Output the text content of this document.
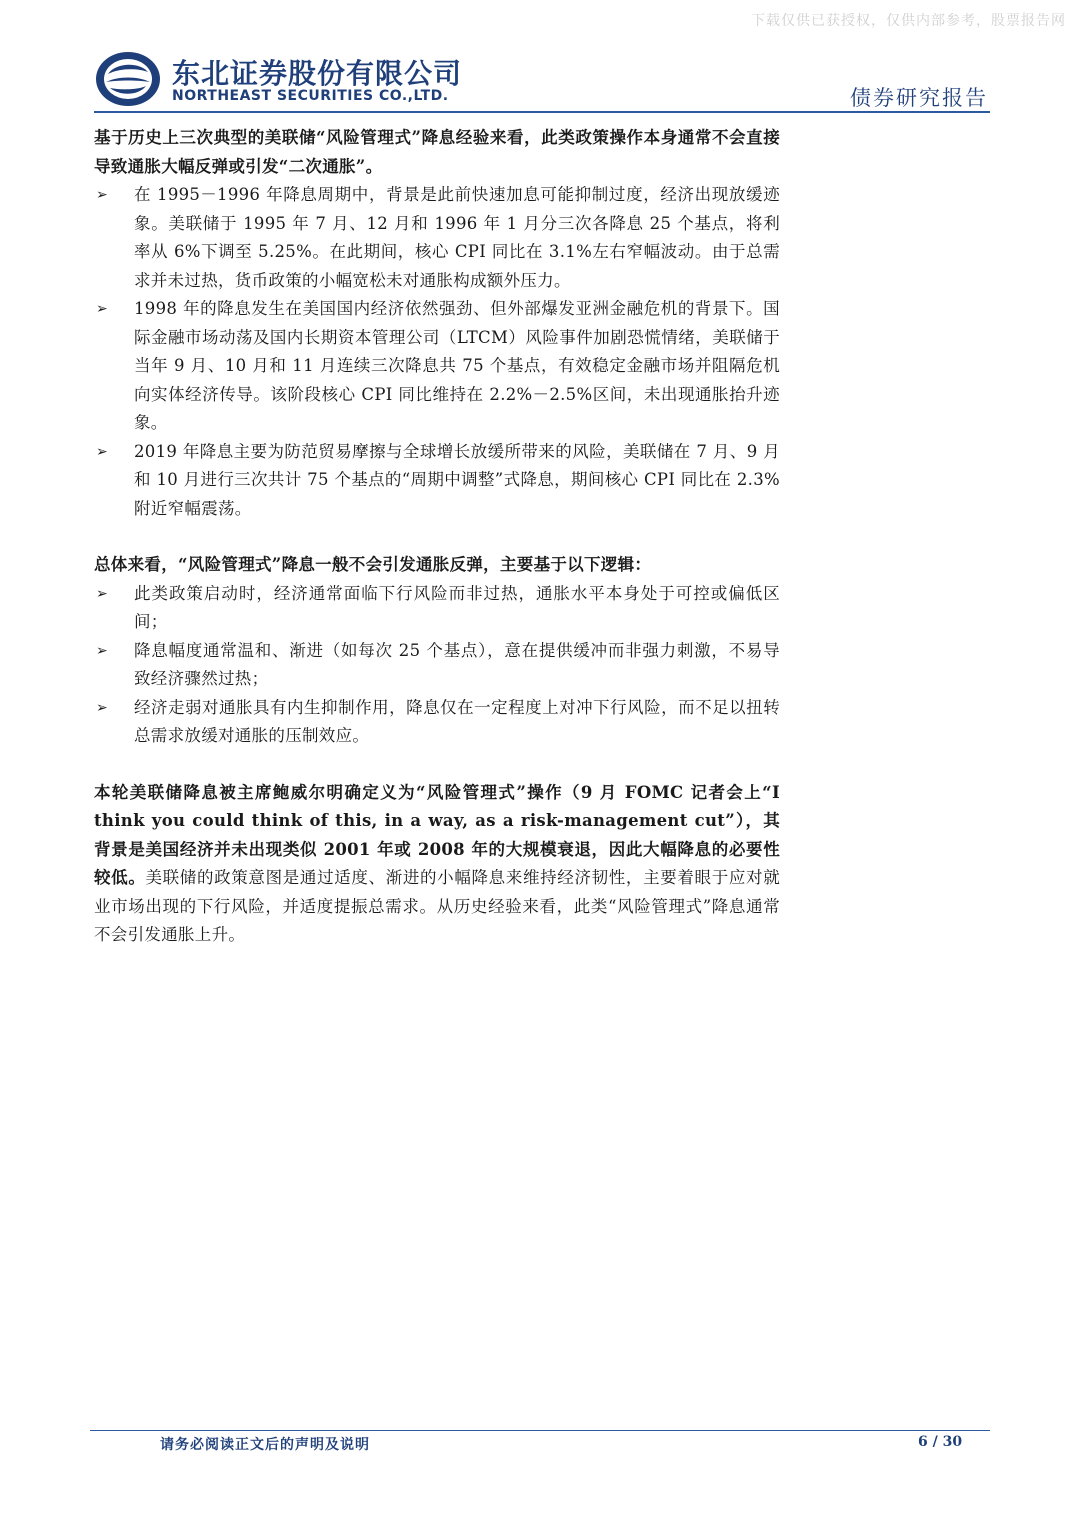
下载仅供已获授权，仅供内部参考，股票报告网
东北证券股份有限公司
NORTHEAST SECURITIES CO.,LTD.	债券研究报告

基于历史上三次典型的美联储“风险管理式”降息经验来看，此类政策操作本身通常不会直接导致通胀大幅反弹或引发“二次通胀”。

➢ 在 1995－1996 年降息周期中，背景是此前快速加息可能抑制过度，经济出现放缓迹象。美联储于 1995 年 7 月、12 月和 1996 年 1 月分三次各降息 25 个基点，将利率从 6%下调至 5.25%。在此期间，核心 CPI 同比在 3.1%左右窄幅波动。由于总需求并未过热，货币政策的小幅宽松未对通胀构成额外压力。
➢ 1998 年的降息发生在美国国内经济依然强劲、但外部爆发亚洲金融危机的背景下。国际金融市场动荡及国内长期资本管理公司（LTCM）风险事件加剧恐慌情绪，美联储于当年 9 月、10 月和 11 月连续三次降息共 75 个基点，有效稳定金融市场并阻隔危机向实体经济传导。该阶段核心 CPI 同比维持在 2.2%－2.5%区间，未出现通胀抬升迹象。
➢ 2019 年降息主要为防范贸易摩擦与全球增长放缓所带来的风险，美联储在 7 月、9 月和 10 月进行三次共计 75 个基点的“周期中调整”式降息，期间核心 CPI 同比在 2.3%附近窄幅震荡。

总体来看，“风险管理式”降息一般不会引发通胀反弹，主要基于以下逻辑：

➢ 此类政策启动时，经济通常面临下行风险而非过热，通胀水平本身处于可控或偏低区间；
➢ 降息幅度通常温和、渐进（如每次 25 个基点），意在提供缓冲而非强力刺激，不易导致经济骤然过热；
➢ 经济走弱对通胀具有内生抑制作用，降息仅在一定程度上对冲下行风险，而不足以扭转总需求放缓对通胀的压制效应。

本轮美联储降息被主席鲍威尔明确定义为“风险管理式”操作（9 月 FOMC 记者会上“I think you could think of this, in a way, as a risk-management cut”），其背景是美国经济并未出现类似 2001 年或 2008 年的大规模衰退，因此大幅降息的必要性较低。美联储的政策意图是通过适度、渐进的小幅降息来维持经济韧性，主要着眼于应对就业市场出现的下行风险，并适度提振总需求。从历史经验来看，此类“风险管理式”降息通常不会引发通胀上升。

请务必阅读正文后的声明及说明	6 / 30
